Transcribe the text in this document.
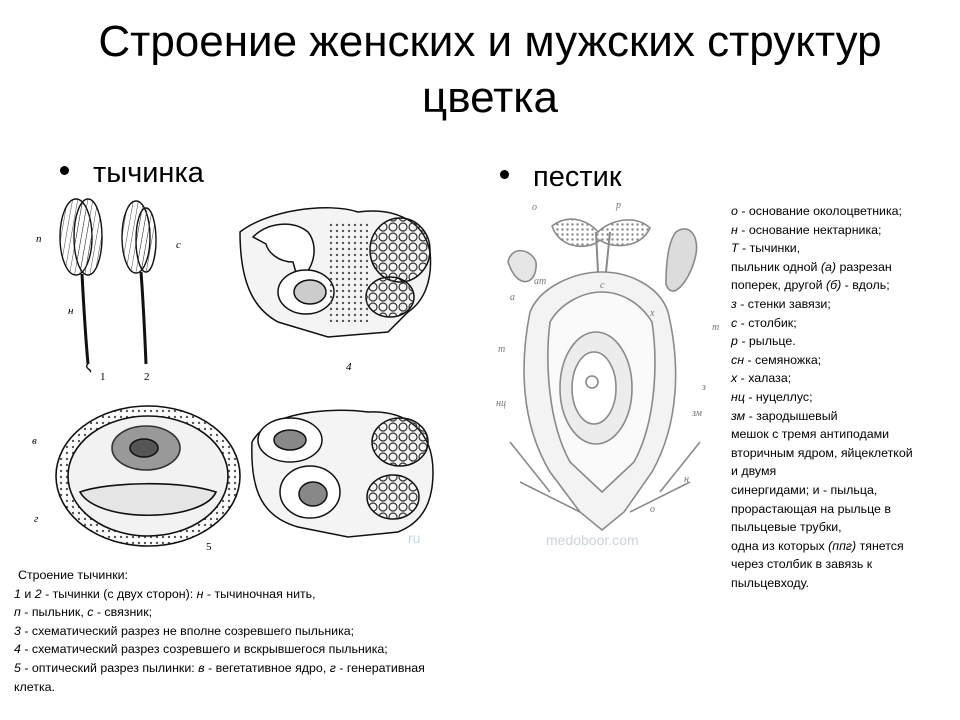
Строение женских и мужских структур
цветка
тычинка	пестик
п	с
н
1	2
4
в
г
5
о	р
ат	с
а
х
т
т
нц
з
зм
о
н
medoboor.com
ru
Строение тычинки:
1 и 2 - тычинки (с двух сторон): н - тычиночная нить,
п - пыльник, с - связник;
3 - схематический разрез не вполне созревшего пыльника;
4 - схематический разрез созревшего и вскрывшегося пыльника;
5 - оптический разрез пылинки: в - вегетативное ядро, г - генеративная
клетка.
о - основание околоцветника;
н - основание нектарника;
Т - тычинки,
пыльник одной (а) разрезан
поперек, другой (б) - вдоль;
з - стенки завязи;
с - столбик;
р - рыльце.
сн - семяножка;
х - халаза;
нц - нуцеллус;
зм - зародышевый
мешок с тремя антиподами
вторичным ядром, яйцеклеткой
и двумя
синергидами; и - пыльца,
прорастающая на рыльце в
пыльцевые трубки,
одна из которых (ппг) тянется
через столбик в завязь к
пыльцевходу.
